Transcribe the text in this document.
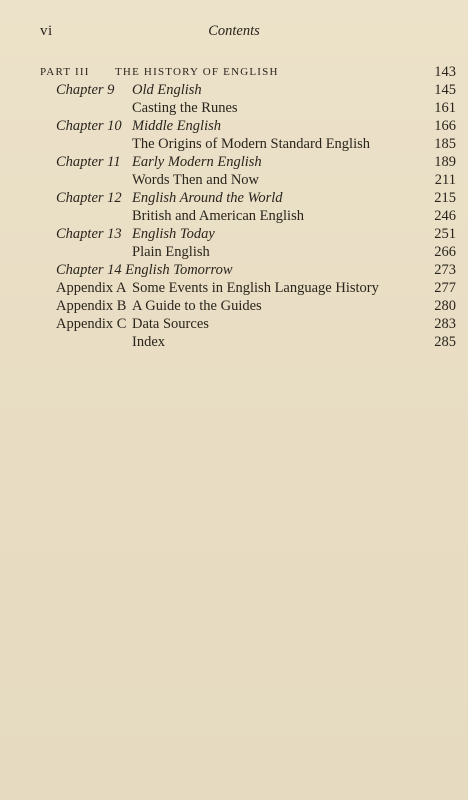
vi	Contents
PART III THE HISTORY OF ENGLISH	143
Chapter 9 Old English	145
Casting the Runes	161
Chapter 10 Middle English	166
The Origins of Modern Standard English	185
Chapter 11 Early Modern English	189
Words Then and Now	211
Chapter 12 English Around the World	215
British and American English	246
Chapter 13 English Today	251
Plain English	266
Chapter 14 English Tomorrow	273
Appendix A Some Events in English Language History	277
Appendix B A Guide to the Guides	280
Appendix C Data Sources	283
Index	285
